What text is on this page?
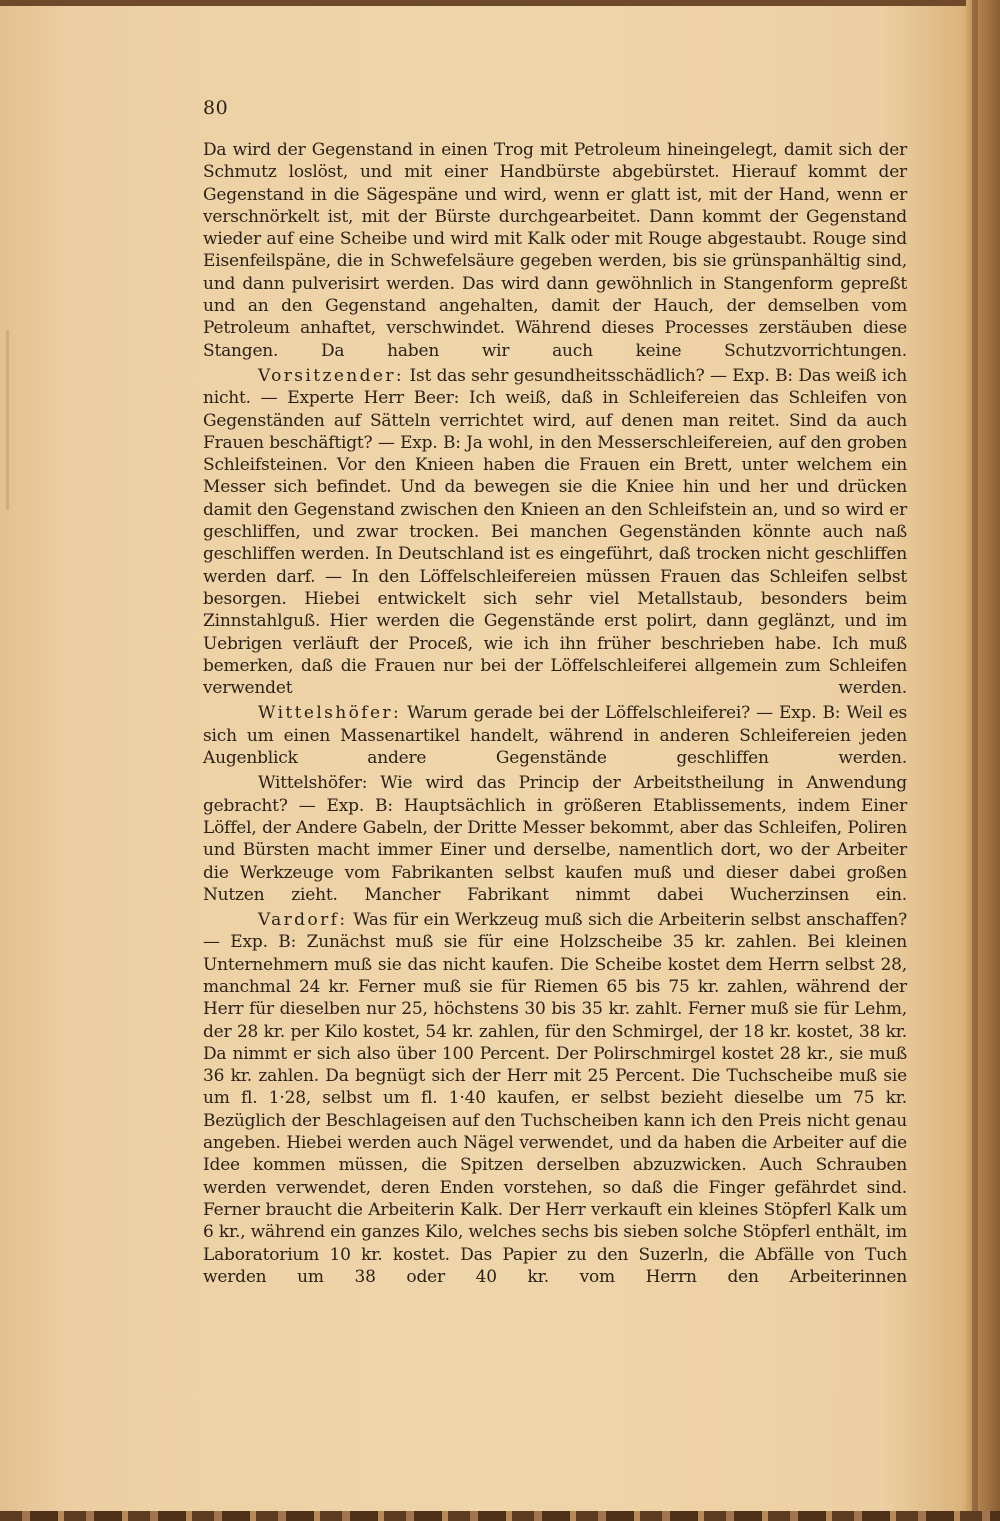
80

Da wird der Gegenstand in einen Trog mit Petroleum hineingelegt, damit sich der Schmutz loslöst, und mit einer Handbürste abgebürstet. Hierauf kommt der Gegenstand in die Sägespäne und wird, wenn er glatt ist, mit der Hand, wenn er verschnörkelt ist, mit der Bürste durchgearbeitet. Dann kommt der Gegenstand wieder auf eine Scheibe und wird mit Kalk oder mit Rouge abgestaubt. Rouge sind Eisenfeilspäne, die in Schwefelsäure gegeben werden, bis sie grünspanhältig sind, und dann pulverisirt werden. Das wird dann gewöhnlich in Stangenform gepreßt und an den Gegenstand angehalten, damit der Hauch, der demselben vom Petroleum anhaftet, verschwindet. Während dieses Processes zerstäuben diese Stangen. Da haben wir auch keine Schutzvorrichtungen.

Vorsitzender: Ist das sehr gesundheitsschädlich? — Exp. B: Das weiß ich nicht. — Experte Herr Beer: Ich weiß, daß in Schleifereien das Schleifen von Gegenständen auf Sätteln verrichtet wird, auf denen man reitet. Sind da auch Frauen beschäftigt? — Exp. B: Ja wohl, in den Messerschleifereien, auf den groben Schleifsteinen. Vor den Knieen haben die Frauen ein Brett, unter welchem ein Messer sich befindet. Und da bewegen sie die Kniee hin und her und drücken damit den Gegenstand zwischen den Knieen an den Schleifstein an, und so wird er geschliffen, und zwar trocken. Bei manchen Gegenständen könnte auch naß geschliffen werden. In Deutschland ist es eingeführt, daß trocken nicht geschliffen werden darf. — In den Löffelschleifereien müssen Frauen das Schleifen selbst besorgen. Hiebei entwickelt sich sehr viel Metallstaub, besonders beim Zinnstahlguß. Hier werden die Gegenstände erst polirt, dann geglänzt, und im Uebrigen verläuft der Proceß, wie ich ihn früher beschrieben habe. Ich muß bemerken, daß die Frauen nur bei der Löffelschleiferei allgemein zum Schleifen verwendet werden.

Wittelshöfer: Warum gerade bei der Löffelschleiferei? — Exp. B: Weil es sich um einen Massenartikel handelt, während in anderen Schleifereien jeden Augenblick andere Gegenstände geschliffen werden.

Wittelshöfer: Wie wird das Princip der Arbeitstheilung in Anwendung gebracht? — Exp. B: Hauptsächlich in größeren Etablissements, indem Einer Löffel, der Andere Gabeln, der Dritte Messer bekommt, aber das Schleifen, Poliren und Bürsten macht immer Einer und derselbe, namentlich dort, wo der Arbeiter die Werkzeuge vom Fabrikanten selbst kaufen muß und dieser dabei großen Nutzen zieht. Mancher Fabrikant nimmt dabei Wucherzinsen ein.

Vardorf: Was für ein Werkzeug muß sich die Arbeiterin selbst anschaffen? — Exp. B: Zunächst muß sie für eine Holzscheibe 35 kr. zahlen. Bei kleinen Unternehmern muß sie das nicht kaufen. Die Scheibe kostet dem Herrn selbst 28, manchmal 24 kr. Ferner muß sie für Riemen 65 bis 75 kr. zahlen, während der Herr für dieselben nur 25, höchstens 30 bis 35 kr. zahlt. Ferner muß sie für Lehm, der 28 kr. per Kilo kostet, 54 kr. zahlen, für den Schmirgel, der 18 kr. kostet, 38 kr. Da nimmt er sich also über 100 Percent. Der Polirschmirgel kostet 28 kr., sie muß 36 kr. zahlen. Da begnügt sich der Herr mit 25 Percent. Die Tuchscheibe muß sie um fl. 1·28, selbst um fl. 1·40 kaufen, er selbst bezieht dieselbe um 75 kr. Bezüglich der Beschlageisen auf den Tuchscheiben kann ich den Preis nicht genau angeben. Hiebei werden auch Nägel verwendet, und da haben die Arbeiter auf die Idee kommen müssen, die Spitzen derselben abzuzwicken. Auch Schrauben werden verwendet, deren Enden vorstehen, so daß die Finger gefährdet sind. Ferner braucht die Arbeiterin Kalk. Der Herr verkauft ein kleines Stöpferl Kalk um 6 kr., während ein ganzes Kilo, welches sechs bis sieben solche Stöpferl enthält, im Laboratorium 10 kr. kostet. Das Papier zu den Suzerln, die Abfälle von Tuch werden um 38 oder 40 kr. vom Herrn den Arbeiterinnen
